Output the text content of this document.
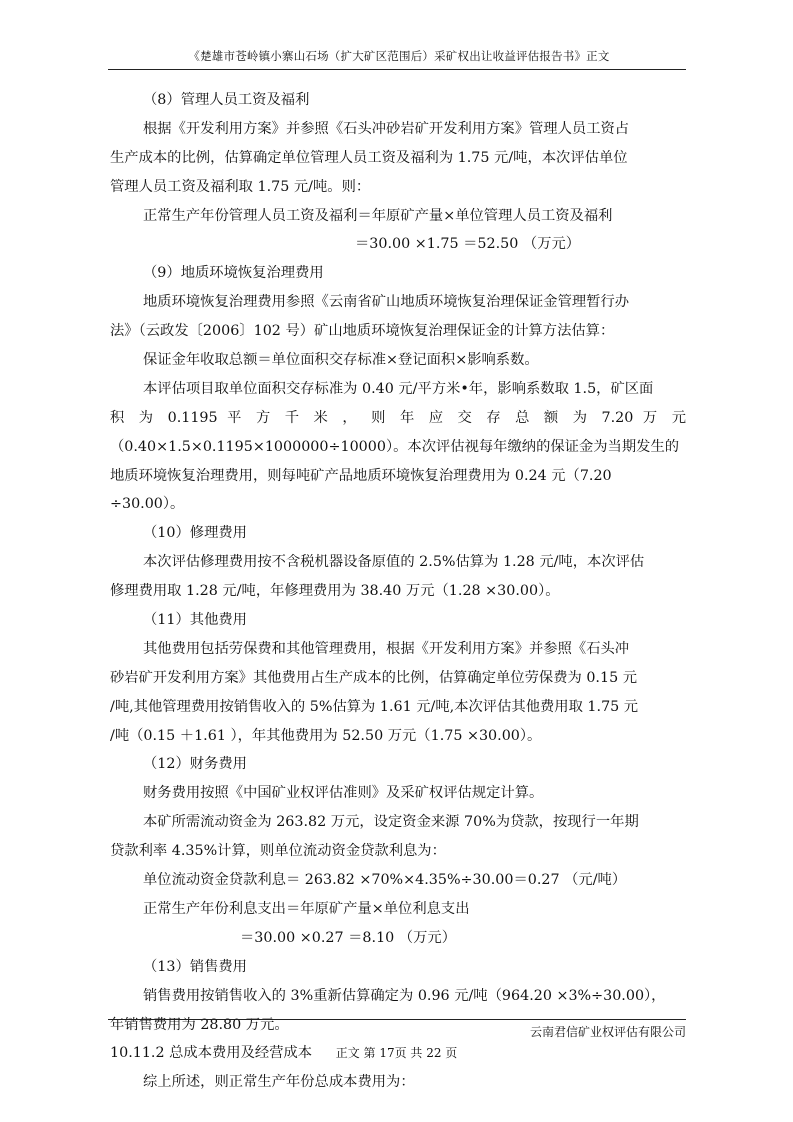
《楚雄市苍岭镇小寨山石场（扩大矿区范围后）采矿权出让收益评估报告书》正文
（8）管理人员工资及福利
根据《开发利用方案》并参照《石头冲砂岩矿开发利用方案》管理人员工资占
生产成本的比例，估算确定单位管理人员工资及福利为 1.75 元/吨，本次评估单位
管理人员工资及福利取 1.75 元/吨。则：
正常生产年份管理人员工资及福利＝年原矿产量×单位管理人员工资及福利
＝30.00 ×1.75 ＝52.50 （万元）
（9）地质环境恢复治理费用
地质环境恢复治理费用参照《云南省矿山地质环境恢复治理保证金管理暂行办
法》（云政发〔2006〕102 号）矿山地质环境恢复治理保证金的计算方法估算：
保证金年收取总额＝单位面积交存标准×登记面积×影响系数。
本评估项目取单位面积交存标准为 0.40 元/平方米•年，影响系数取 1.5，矿区面
积 为 0.1195 平 方 千 米 ， 则 年 应 交 存 总 额 为 7.20 万 元
（0.40×1.5×0.1195×1000000÷10000）。本次评估视每年缴纳的保证金为当期发生的
地质环境恢复治理费用，则每吨矿产品地质环境恢复治理费用为 0.24 元（7.20
÷30.00）。
（10）修理费用
本次评估修理费用按不含税机器设备原值的 2.5%估算为 1.28 元/吨，本次评估
修理费用取 1.28 元/吨，年修理费用为 38.40 万元（1.28 ×30.00）。
（11）其他费用
其他费用包括劳保费和其他管理费用，根据《开发利用方案》并参照《石头冲
砂岩矿开发利用方案》其他费用占生产成本的比例，估算确定单位劳保费为 0.15 元
/吨,其他管理费用按销售收入的 5%估算为 1.61 元/吨,本次评估其他费用取 1.75 元
/吨（0.15 ＋1.61 ），年其他费用为 52.50 万元（1.75 ×30.00）。
（12）财务费用
财务费用按照《中国矿业权评估准则》及采矿权评估规定计算。
本矿所需流动资金为 263.82 万元，设定资金来源 70%为贷款，按现行一年期
贷款利率 4.35%计算，则单位流动资金贷款利息为：
单位流动资金贷款利息＝ 263.82 ×70%×4.35%÷30.00＝0.27 （元/吨）
正常生产年份利息支出＝年原矿产量×单位利息支出
＝30.00 ×0.27 ＝8.10 （万元）
（13）销售费用
销售费用按销售收入的 3%重新估算确定为 0.96 元/吨（964.20 ×3%÷30.00），
年销售费用为 28.80 万元。
10.11.2 总成本费用及经营成本
综上所述，则正常生产年份总成本费用为：
云南君信矿业权评估有限公司
正文 第 17页 共 22 页
